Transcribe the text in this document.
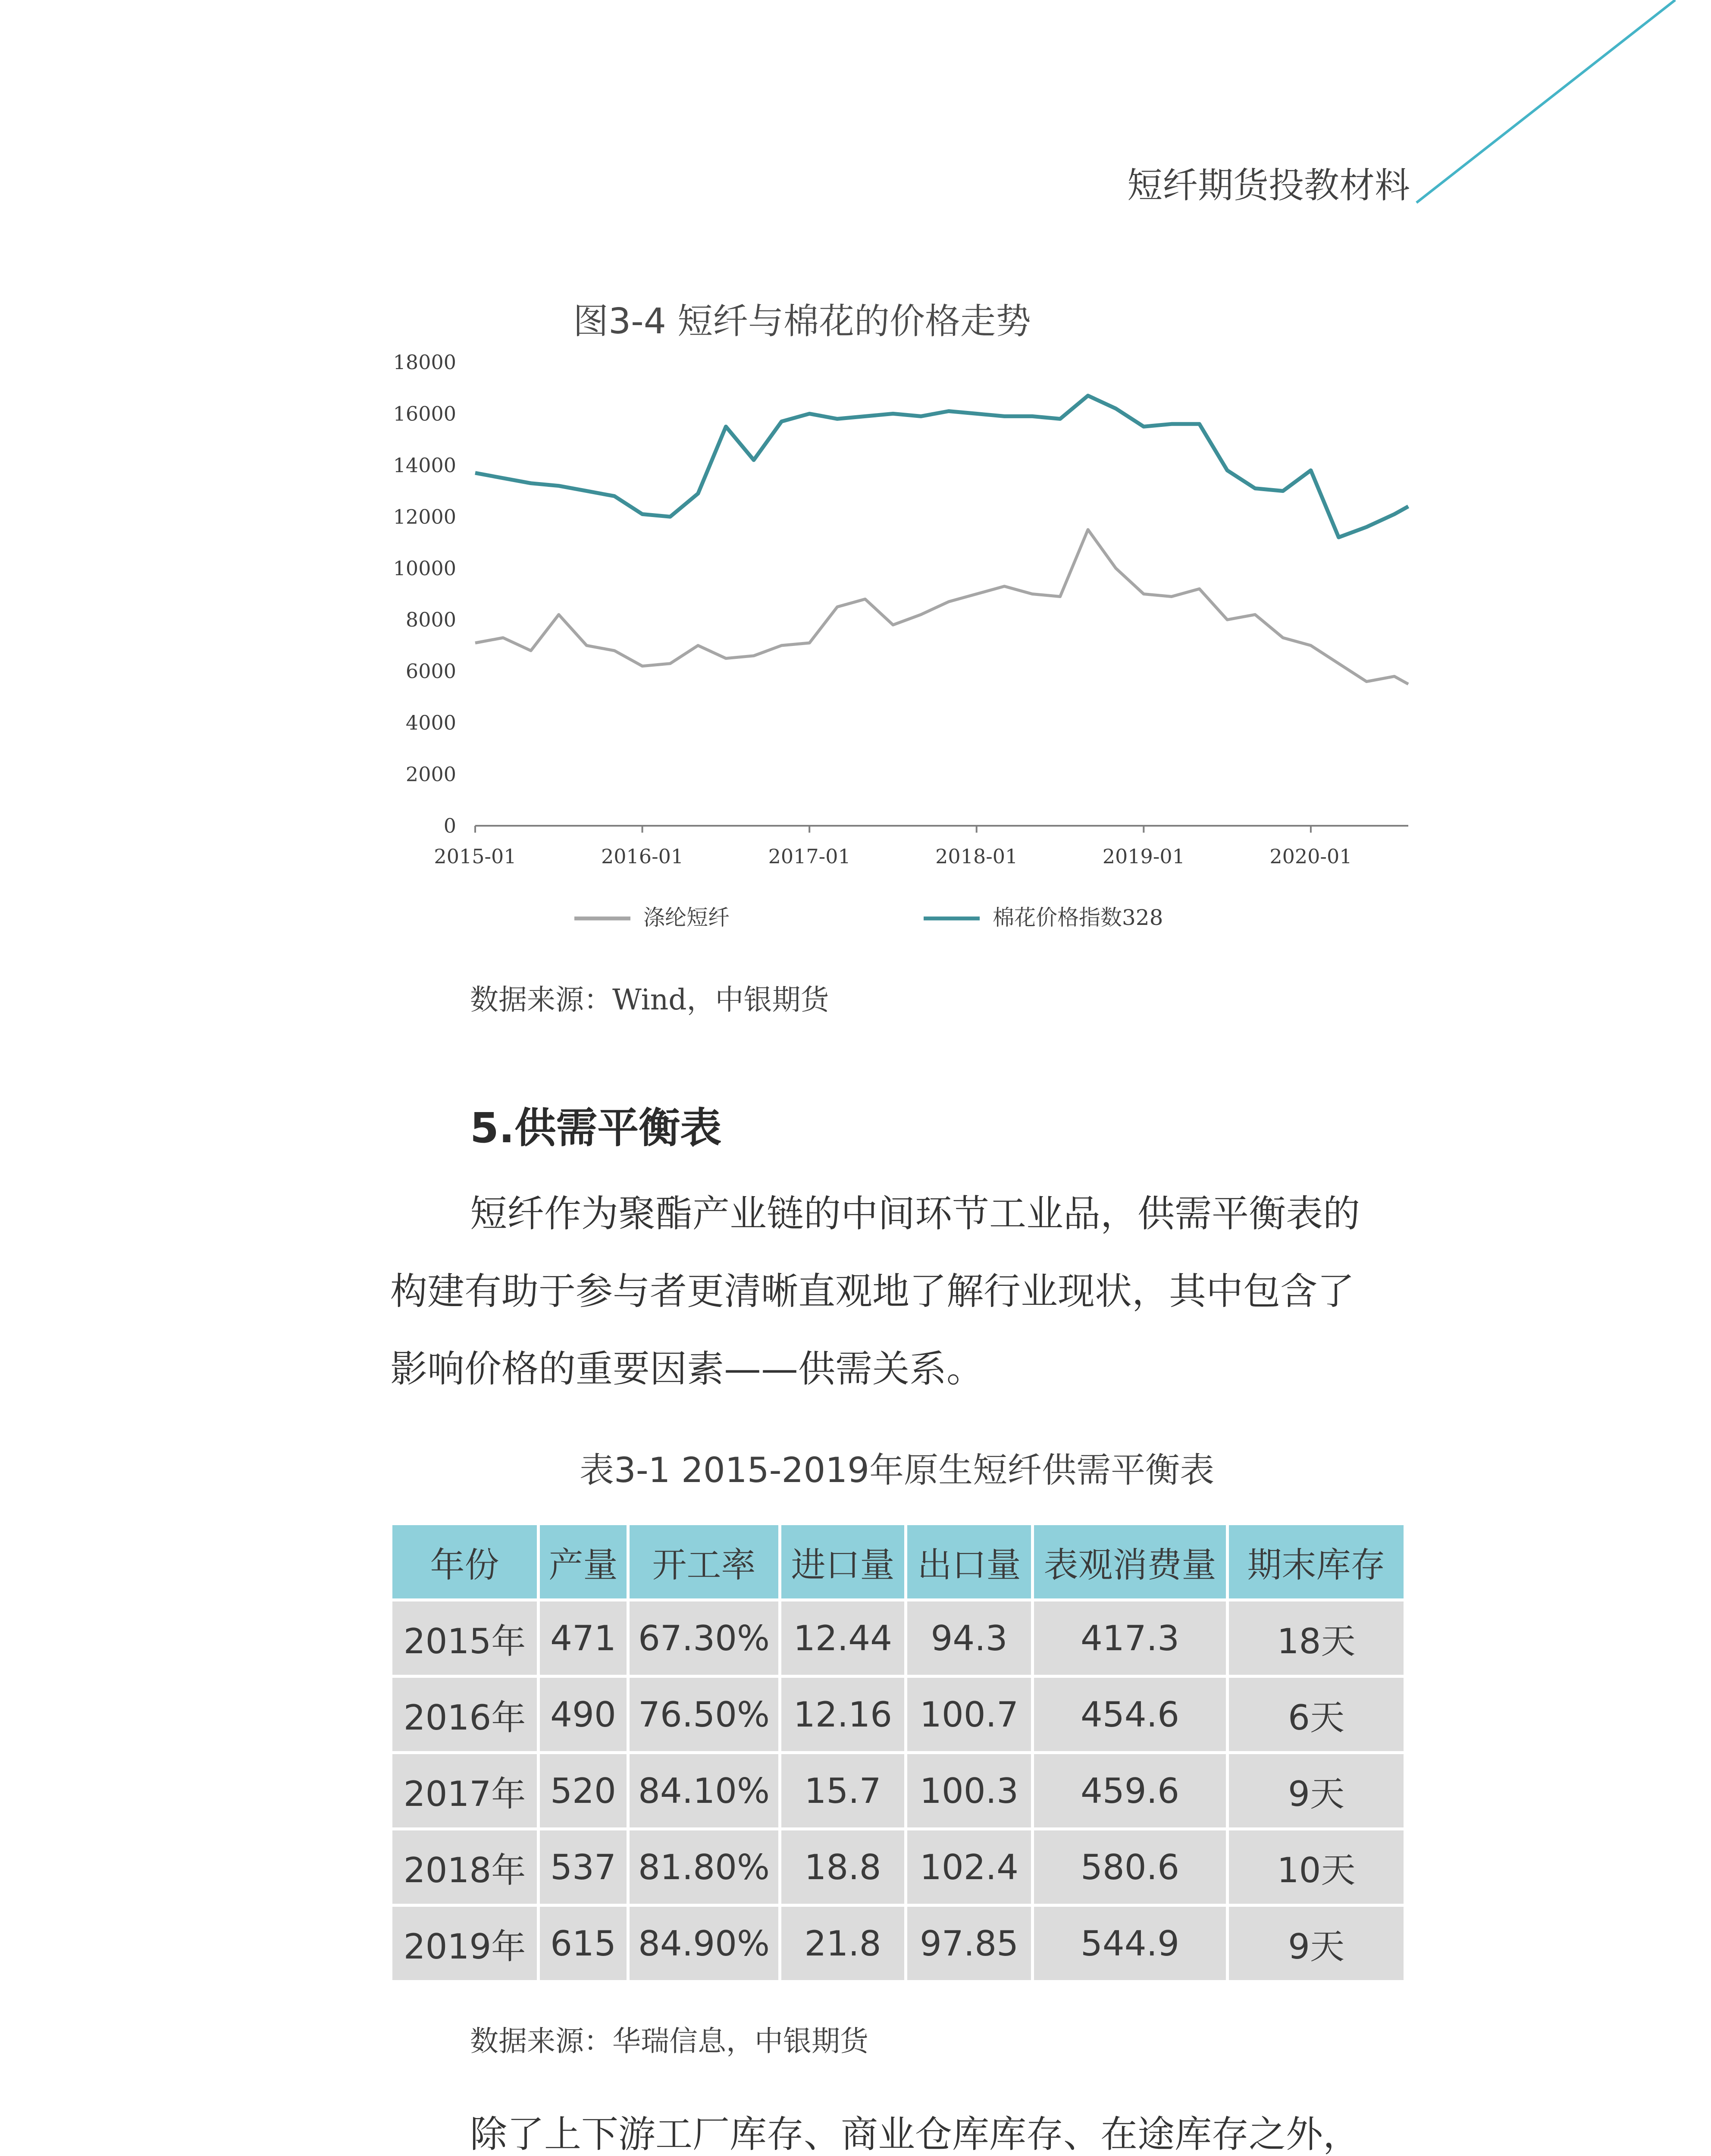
短纤期货投教材料
图3-4 短纤与棉花的价格走势
18000
16000
14000
12000
10000
8000
6000
4000
2000
0
2015-01	2016-01	2017-01	2018-01	2019-01	2020-01
涤纶短纤	棉花价格指数328
数据来源：Wind，中银期货
5.供需平衡表
短纤作为聚酯产业链的中间环节工业品，供需平衡表的
构建有助于参与者更清晰直观地了解行业现状，其中包含了
影响价格的重要因素——供需关系。
表3-1 2015-2019年原生短纤供需平衡表
年份	产量	开工率	进口量	出口量	表观消费量	期末库存
2015年	471	67.30%	12.44	94.3	417.3	18天
2016年	490	76.50%	12.16	100.7	454.6	6天
2017年	520	84.10%	15.7	100.3	459.6	9天
2018年	537	81.80%	18.8	102.4	580.6	10天
2019年	615	84.90%	21.8	97.85	544.9	9天
数据来源：华瑞信息，中银期货
除了上下游工厂库存、商业仓库库存、在途库存之外，
